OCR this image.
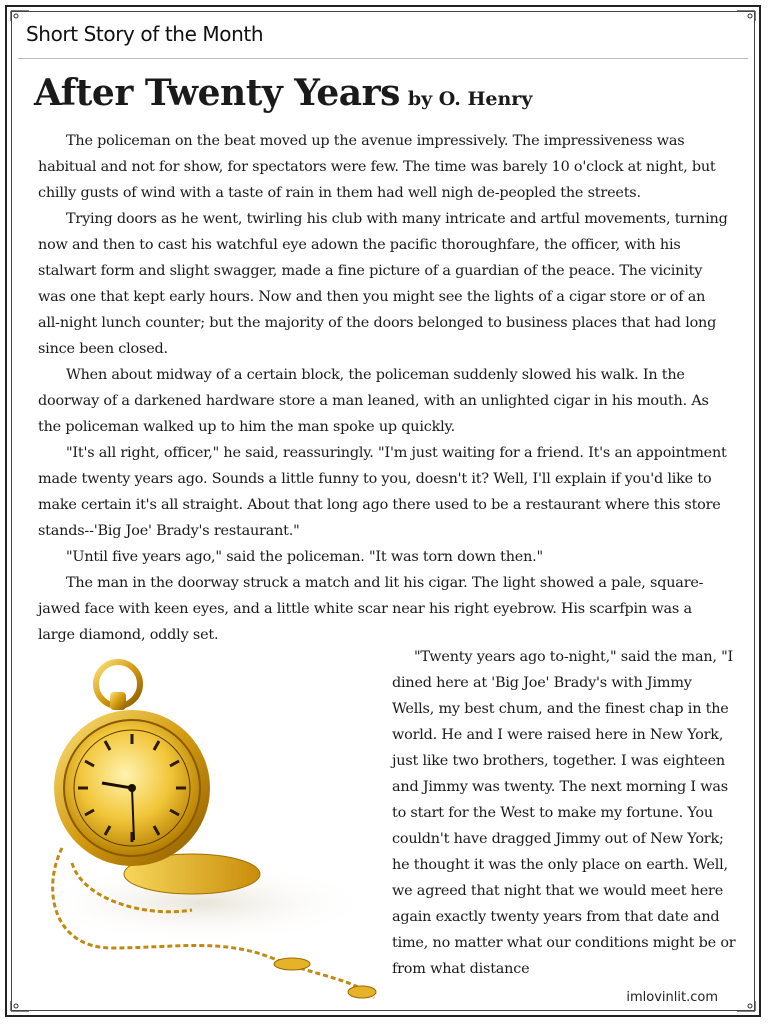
Short Story of the Month
After Twenty Years by O. Henry

The policeman on the beat moved up the avenue impressively. The impressiveness was habitual and not for show, for spectators were few. The time was barely 10 o'clock at night, but chilly gusts of wind with a taste of rain in them had well nigh de-peopled the streets.

Trying doors as he went, twirling his club with many intricate and artful movements, turning now and then to cast his watchful eye adown the pacific thoroughfare, the officer, with his stalwart form and slight swagger, made a fine picture of a guardian of the peace. The vicinity was one that kept early hours. Now and then you might see the lights of a cigar store or of an all-night lunch counter; but the majority of the doors belonged to business places that had long since been closed.

When about midway of a certain block, the policeman suddenly slowed his walk. In the doorway of a darkened hardware store a man leaned, with an unlighted cigar in his mouth. As the policeman walked up to him the man spoke up quickly.

"It's all right, officer," he said, reassuringly. "I'm just waiting for a friend. It's an appointment made twenty years ago. Sounds a little funny to you, doesn't it? Well, I'll explain if you'd like to make certain it's all straight. About that long ago there used to be a restaurant where this store stands--'Big Joe' Brady's restaurant."

"Until five years ago," said the policeman. "It was torn down then."

The man in the doorway struck a match and lit his cigar. The light showed a pale, square-jawed face with keen eyes, and a little white scar near his right eyebrow. His scarfpin was a large diamond, oddly set.

"Twenty years ago to-night," said the man, "I dined here at 'Big Joe' Brady's with Jimmy Wells, my best chum, and the finest chap in the world. He and I were raised here in New York, just like two brothers, together. I was eighteen and Jimmy was twenty. The next morning I was to start for the West to make my fortune. You couldn't have dragged Jimmy out of New York; he thought it was the only place on earth. Well, we agreed that night that we would meet here again exactly twenty years from that date and time, no matter what our conditions might be or from what distance

imlovinlit.com
